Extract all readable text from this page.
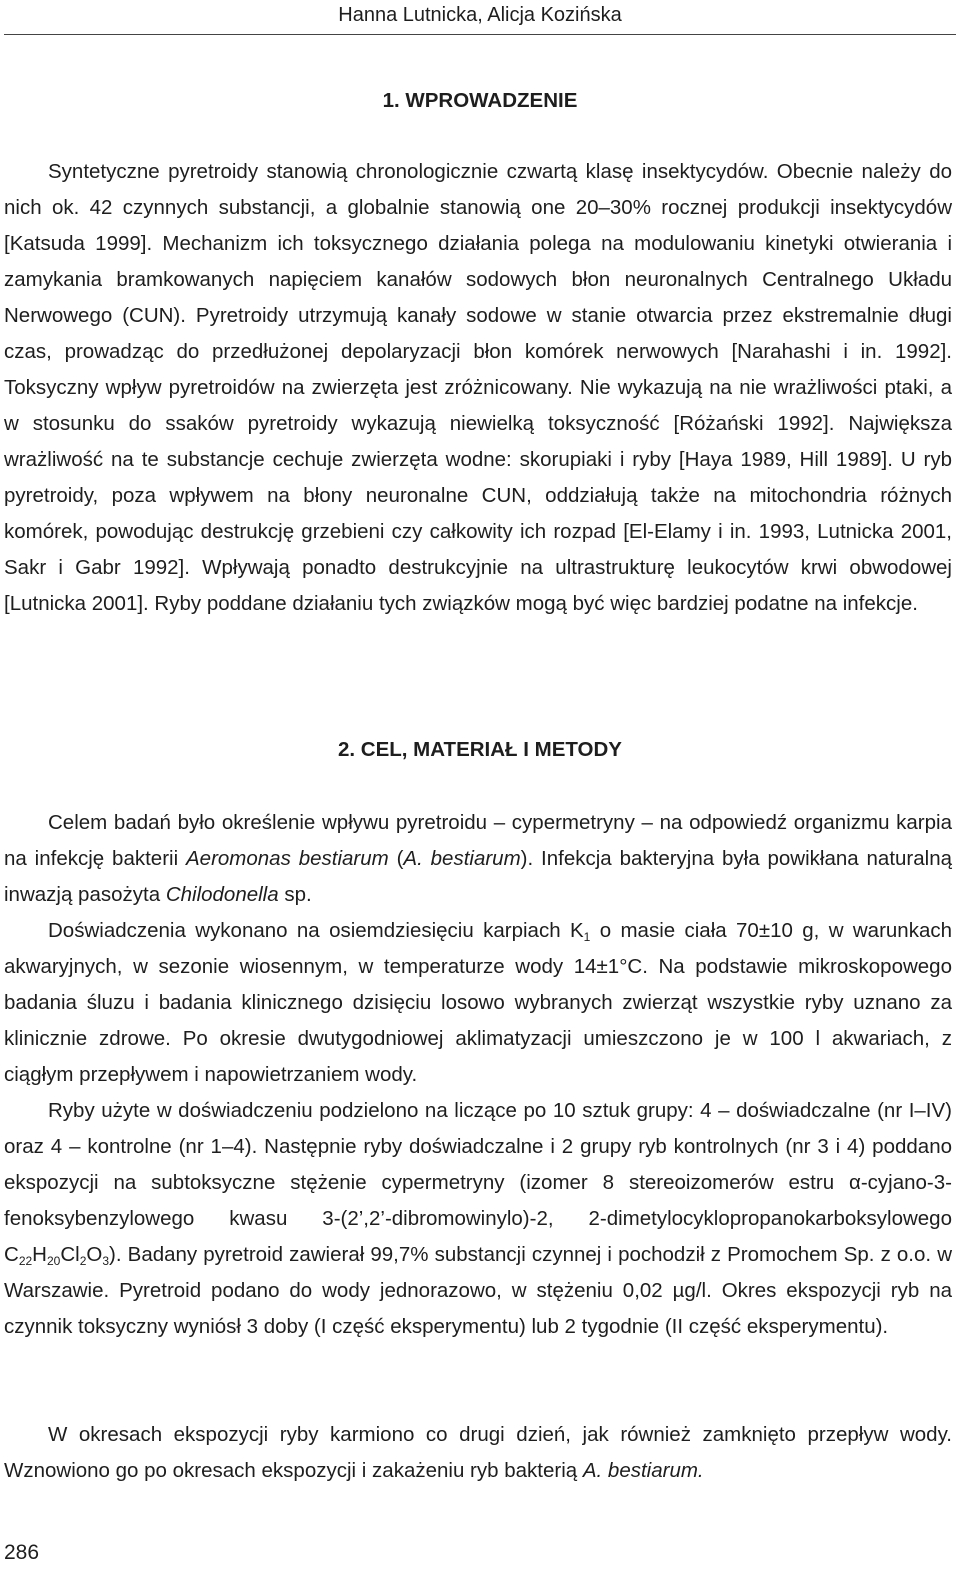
Hanna Lutnicka, Alicja Kozińska
1. WPROWADZENIE

Syntetyczne pyretroidy stanowią chronologicznie czwartą klasę insektycydów. Obecnie należy do nich ok. 42 czynnych substancji, a globalnie stanowią one 20–30% rocznej produkcji insektycydów [Katsuda 1999]. Mechanizm ich toksycznego działania polega na modulowaniu kinetyki otwierania i zamykania bramkowanych napięciem kanałów sodowych błon neuronalnych Centralnego Układu Nerwowego (CUN). Pyretroidy utrzymują kanały sodowe w stanie otwarcia przez ekstremalnie długi czas, prowadząc do przedłużonej depolaryzacji błon komórek nerwowych [Narahashi i in. 1992]. Toksyczny wpływ pyretroidów na zwierzęta jest zróżnicowany. Nie wykazują na nie wrażliwości ptaki, a w stosunku do ssaków pyretroidy wykazują niewielką toksyczność [Różański 1992]. Największa wrażliwość na te substancje cechuje zwierzęta wodne: skorupiaki i ryby [Haya 1989, Hill 1989]. U ryb pyretroidy, poza wpływem na błony neuronalne CUN, oddziałują także na mitochondria różnych komórek, powodując destrukcję grzebieni czy całkowity ich rozpad [El-Elamy i in. 1993, Lutnicka 2001, Sakr i Gabr 1992]. Wpływają ponadto destrukcyjnie na ultrastrukturę leukocytów krwi obwodowej [Lutnicka 2001]. Ryby poddane działaniu tych związków mogą być więc bardziej podatne na infekcje.

2. CEL, MATERIAŁ I METODY

Celem badań było określenie wpływu pyretroidu – cypermetryny – na odpowiedź organizmu karpia na infekcję bakterii Aeromonas bestiarum (A. bestiarum). Infekcja bakteryjna była powikłana naturalną inwazją pasożyta Chilodonella sp.

Doświadczenia wykonano na osiemdziesięciu karpiach $K_1$ o masie ciała 70±10 g, w warunkach akwaryjnych, w sezonie wiosennym, w temperaturze wody 14±1°C. Na podstawie mikroskopowego badania śluzu i badania klinicznego dzisięciu losowo wybranych zwierząt wszystkie ryby uznano za klinicznie zdrowe. Po okresie dwutygodniowej aklimatyzacji umieszczono je w 100 l akwariach, z ciągłym przepływem i napowietrzaniem wody.

Ryby użyte w doświadczeniu podzielono na liczące po 10 sztuk grupy: 4 – doświadczalne (nr I–IV) oraz 4 – kontrolne (nr 1–4). Następnie ryby doświadczalne i 2 grupy ryb kontrolnych (nr 3 i 4) poddano ekspozycji na subtoksyczne stężenie cypermetryny (izomer 8 stereoizomerów estru α-cyjano-3-fenoksybenzylowego kwasu 3-(2’,2’-dibromowinylo)-2, 2-dimetylocyklopropanokarboksylowego $C_{22}H_{20}Cl_2O_3$). Badany pyretroid zawierał 99,7% substancji czynnej i pochodził z Promochem Sp. z o.o. w Warszawie. Pyretroid podano do wody jednorazowo, w stężeniu 0,02 µg/l. Okres ekspozycji ryb na czynnik toksyczny wyniósł 3 doby (I część eksperymentu) lub 2 tygodnie (II część eksperymentu).

W okresach ekspozycji ryby karmiono co drugi dzień, jak również zamknięto przepływ wody. Wznowiono go po okresach ekspozycji i zakażeniu ryb bakterią A. bestiarum.

286
